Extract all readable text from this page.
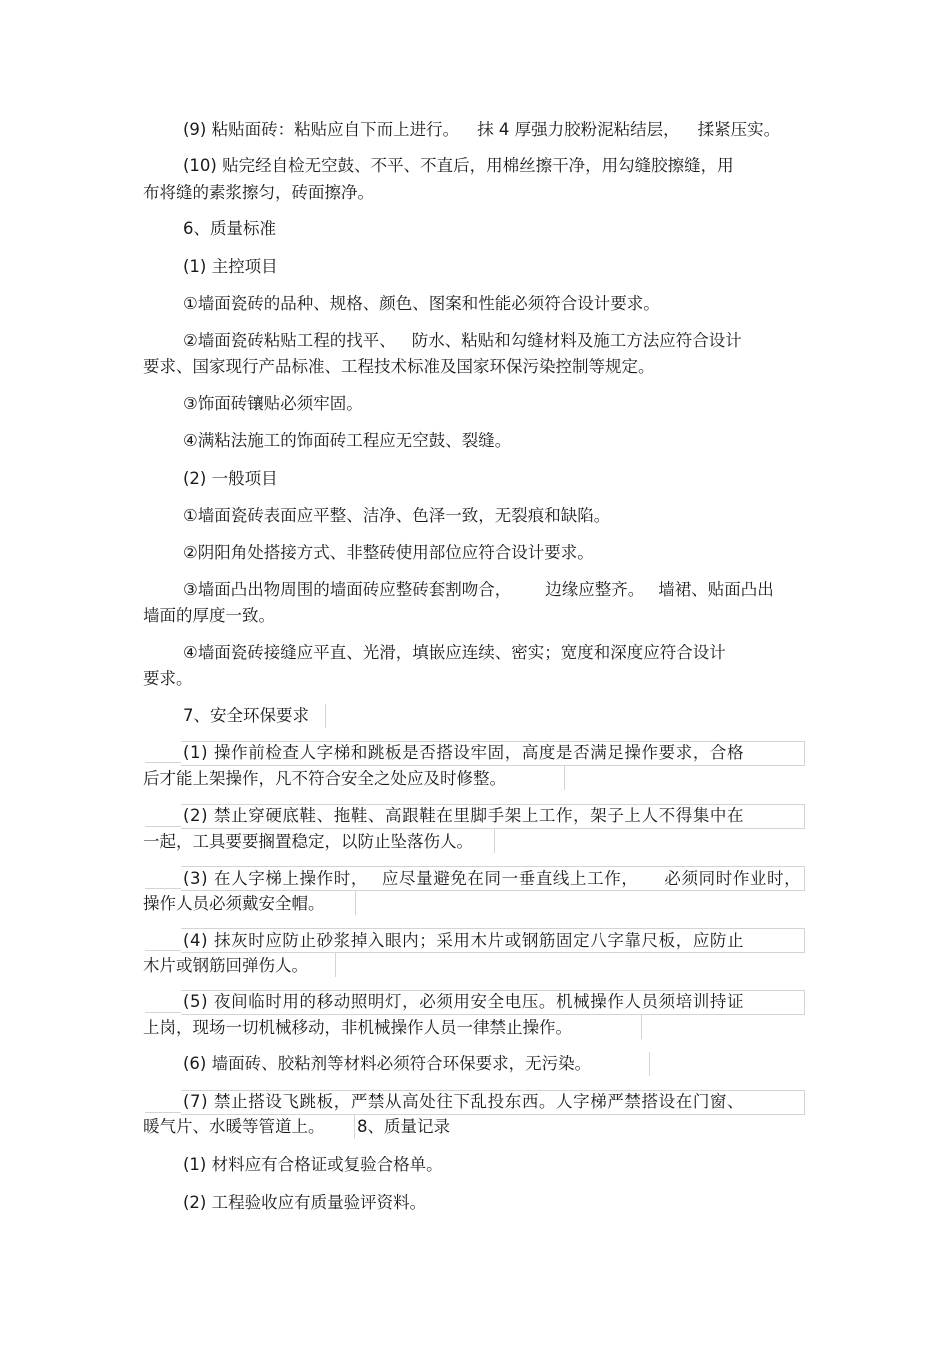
(9) 粘贴面砖：粘贴应自下而上进行。 抹 4 厚强力胶粉泥粘结层， 揉紧压实。
(10) 贴完经自检无空鼓、不平、不直后，用棉丝擦干净，用勾缝胶擦缝，用
布将缝的素浆擦匀，砖面擦净。
6、质量标准
(1) 主控项目
①墙面瓷砖的品种、规格、颜色、图案和性能必须符合设计要求。
②墙面瓷砖粘贴工程的找平、 防水、粘贴和勾缝材料及施工方法应符合设计
要求、国家现行产品标准、工程技术标准及国家环保污染控制等规定。
③饰面砖镶贴必须牢固。
④满粘法施工的饰面砖工程应无空鼓、裂缝。
(2) 一般项目
①墙面瓷砖表面应平整、洁净、色泽一致，无裂痕和缺陷。
②阴阳角处搭接方式、非整砖使用部位应符合设计要求。
③墙面凸出物周围的墙面砖应整砖套割吻合， 边缘应整齐。 墙裙、贴面凸出
墙面的厚度一致。
④墙面瓷砖接缝应平直、光滑，填嵌应连续、密实；宽度和深度应符合设计
要求。
7、安全环保要求
(1) 操作前检查人字梯和跳板是否搭设牢固，高度是否满足操作要求，合格
后才能上架操作，凡不符合安全之处应及时修整。
(2) 禁止穿硬底鞋、拖鞋、高跟鞋在里脚手架上工作，架子上人不得集中在
一起，工具要要搁置稳定，以防止坠落伤人。
(3) 在人字梯上操作时， 应尽量避免在同一垂直线上工作， 必须同时作业时，
操作人员必须戴安全帽。
(4) 抹灰时应防止砂浆掉入眼内；采用木片或钢筋固定八字靠尺板，应防止
木片或钢筋回弹伤人。
(5) 夜间临时用的移动照明灯，必须用安全电压。机械操作人员须培训持证
上岗，现场一切机械移动，非机械操作人员一律禁止操作。
(6) 墙面砖、胶粘剂等材料必须符合环保要求，无污染。
(7) 禁止搭设飞跳板，严禁从高处往下乱投东西。人字梯严禁搭设在门窗、
暖气片、水暖等管道上。 8、质量记录
(1) 材料应有合格证或复验合格单。
(2) 工程验收应有质量验评资料。
